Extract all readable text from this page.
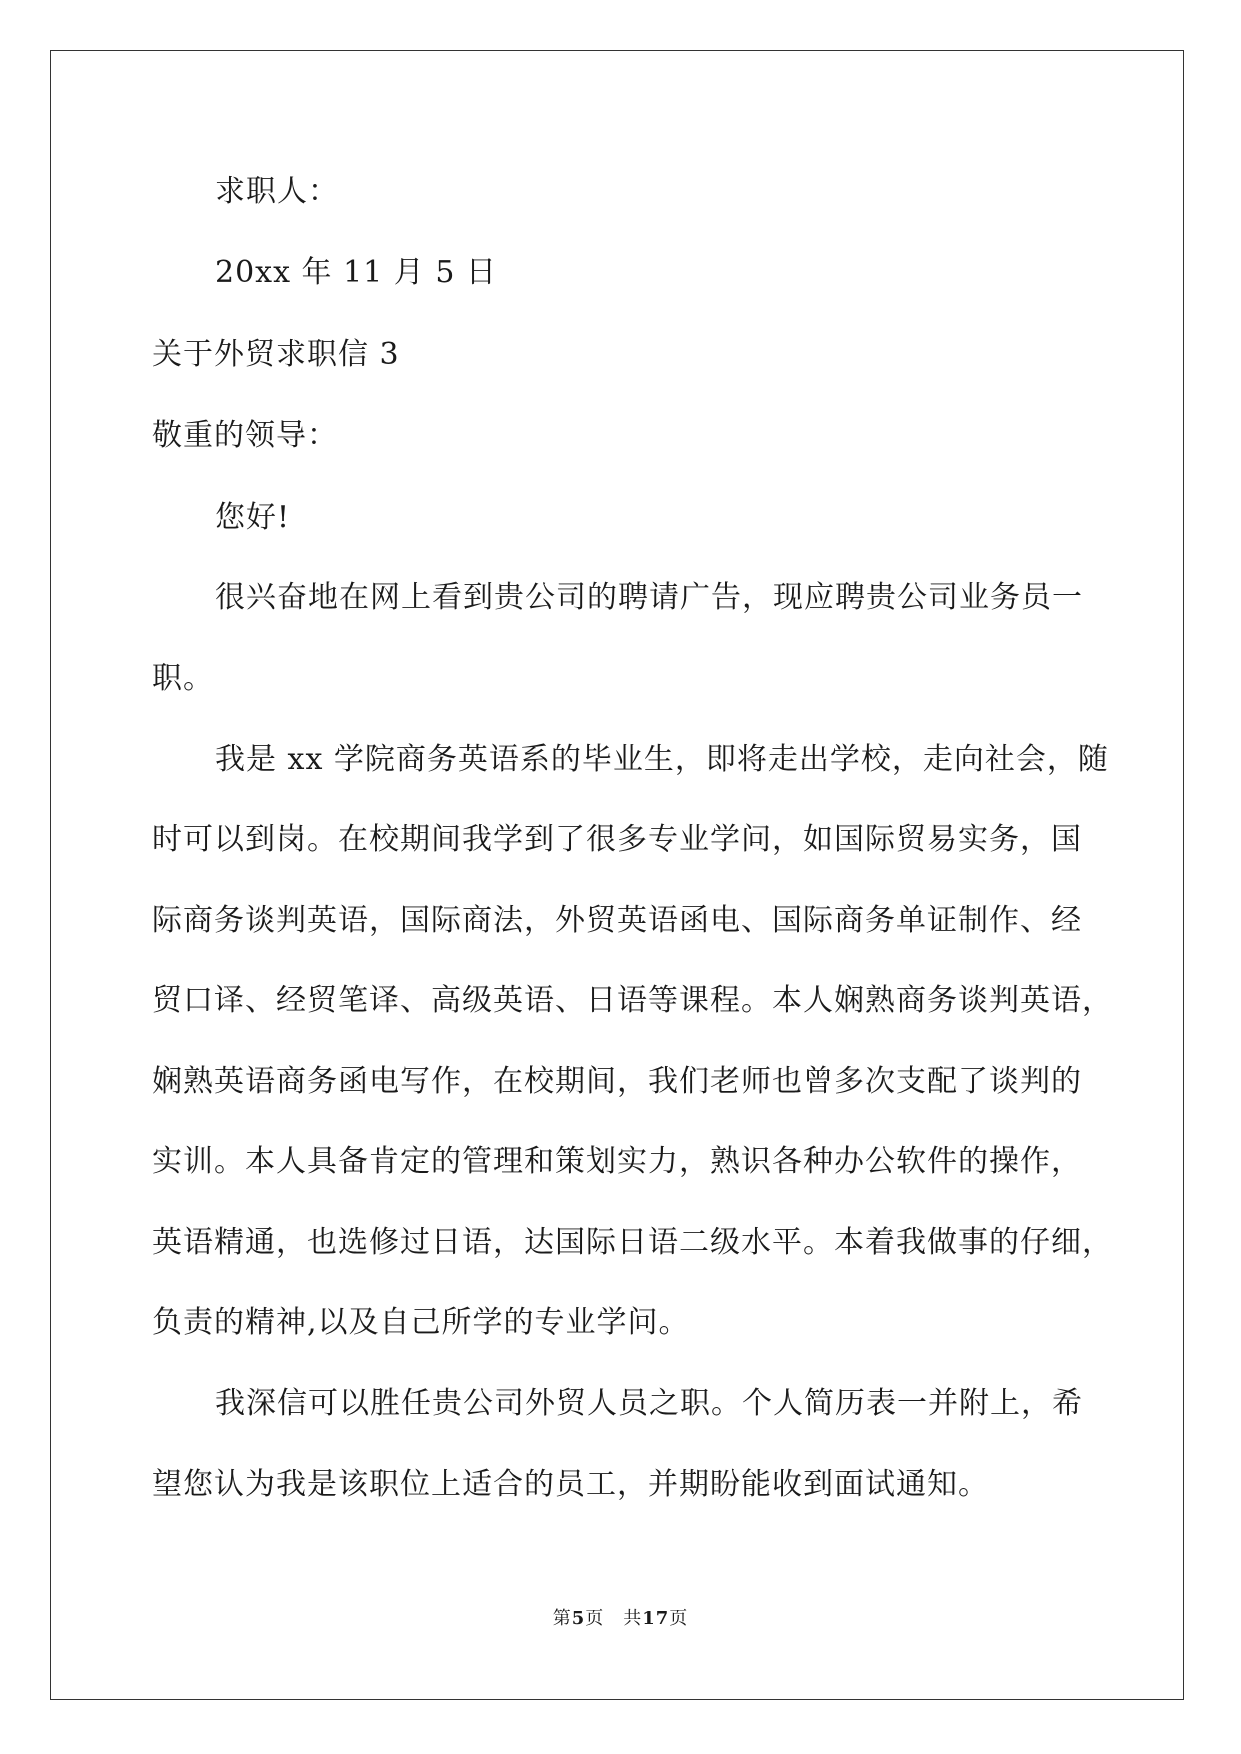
求职人：
20xx 年 11 月 5 日
关于外贸求职信 3
敬重的领导：
您好!
很兴奋地在网上看到贵公司的聘请广告，现应聘贵公司业务员一
职。
我是 xx 学院商务英语系的毕业生，即将走出学校，走向社会，随
时可以到岗。在校期间我学到了很多专业学问，如国际贸易实务，国
际商务谈判英语，国际商法，外贸英语函电、国际商务单证制作、经
贸口译、经贸笔译、高级英语、日语等课程。本人娴熟商务谈判英语，
娴熟英语商务函电写作，在校期间，我们老师也曾多次支配了谈判的
实训。本人具备肯定的管理和策划实力，熟识各种办公软件的操作，
英语精通，也选修过日语，达国际日语二级水平。本着我做事的仔细，
负责的精神,以及自己所学的专业学问。
我深信可以胜任贵公司外贸人员之职。个人简历表一并附上，希
望您认为我是该职位上适合的员工，并期盼能收到面试通知。
第5页　共17页
